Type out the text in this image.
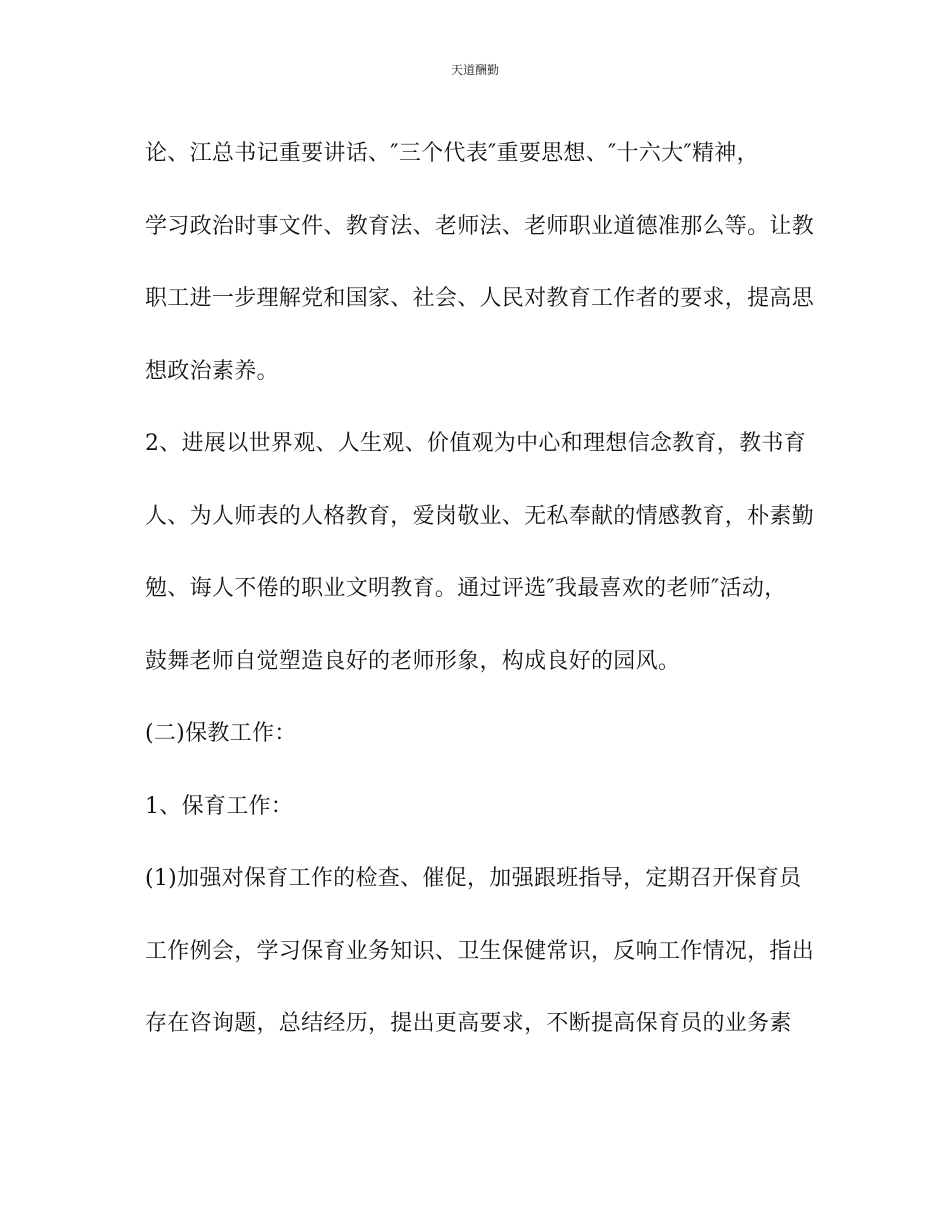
天道酬勤
论、江总书记重要讲话、″三个代表″重要思想、″十六大″精神，
学习政治时事文件、教育法、老师法、老师职业道德准那么等。让教
职工进一步理解党和国家、社会、人民对教育工作者的要求，提高思
想政治素养。
2、进展以世界观、人生观、价值观为中心和理想信念教育，教书育
人、为人师表的人格教育，爱岗敬业、无私奉献的情感教育，朴素勤
勉、诲人不倦的职业文明教育。通过评选″我最喜欢的老师″活动，
鼓舞老师自觉塑造良好的老师形象，构成良好的园风。
(二)保教工作：
1、保育工作：
(1)加强对保育工作的检查、催促，加强跟班指导，定期召开保育员
工作例会，学习保育业务知识、卫生保健常识，反响工作情况，指出
存在咨询题，总结经历，提出更高要求，不断提高保育员的业务素
